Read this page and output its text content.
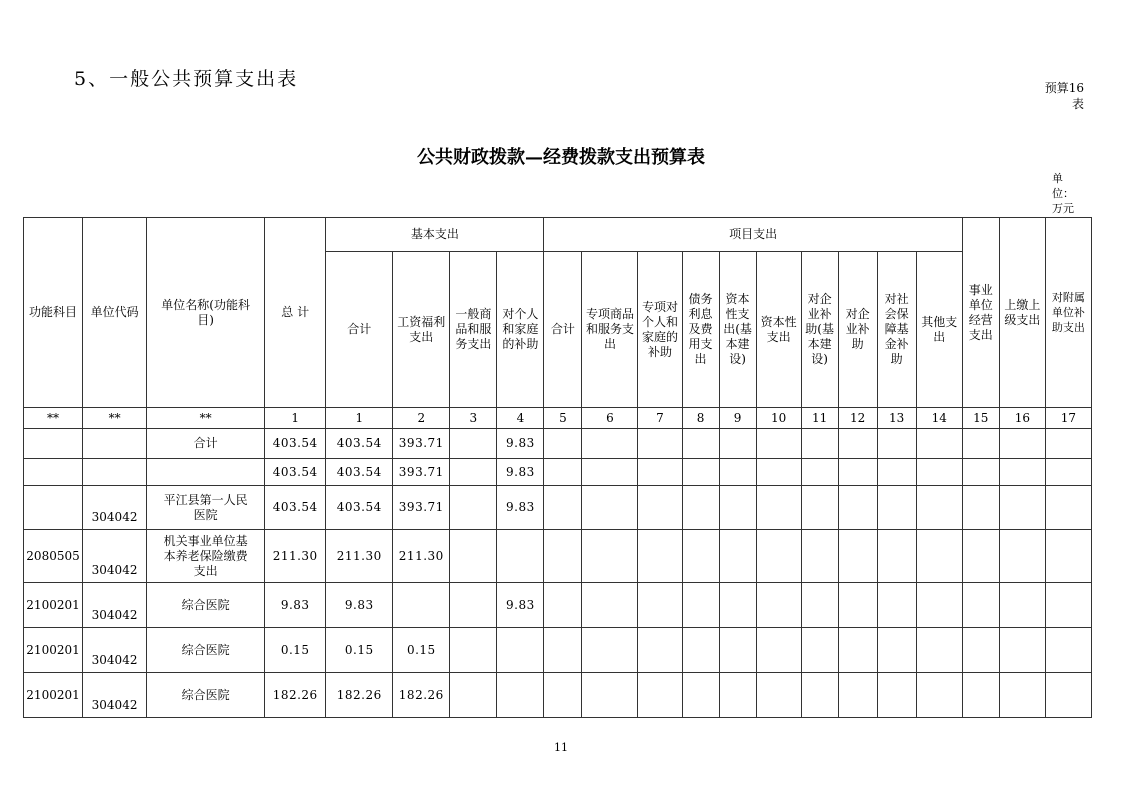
5、一般公共预算支出表	预算16表
公共财政拨款—经费拨款支出预算表
单位：万元
功能科目	单位代码	单位名称(功能科目)	总 计	基本支出				项目支出										事业单位经营支出	上缴上级支出	对附属单位补助支出
				合计	工资福利支出	一般商品和服务支出	对个人和家庭的补助	合计	专项商品和服务支出	专项对个人和家庭的补助	债务利息及费用支出	资本性支出(基本建设)	资本性支出	对企业补助(基本建设)	对企业补助	对社会保障基金补助	其他支出			
**	**	**	1	1	2	3	4	5	6	7	8	9	10	11	12	13	14	15	16	17
		合计	403.54	403.54	393.71		9.83													
			403.54	403.54	393.71		9.83													
	304042	平江县第一人民医院	403.54	403.54	393.71		9.83													
2080505	304042	机关事业单位基本养老保险缴费支出	211.30	211.30	211.30															
2100201	304042	综合医院	9.83	9.83			9.83													
2100201	304042	综合医院	0.15	0.15	0.15															
2100201	304042	综合医院	182.26	182.26	182.26															
11
